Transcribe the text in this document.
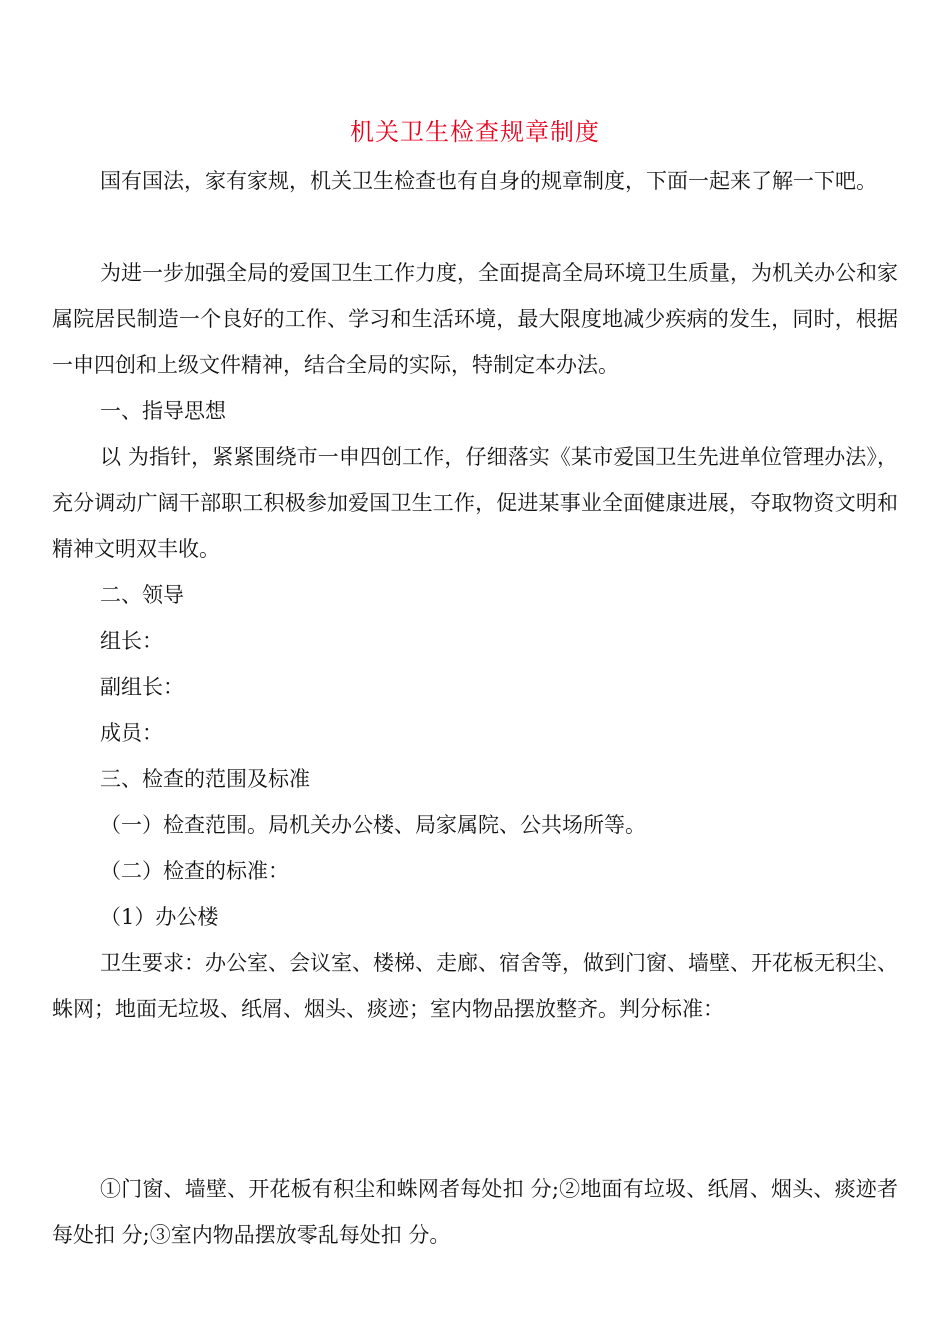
机关卫生检查规章制度

国有国法，家有家规，机关卫生检查也有自身的规章制度，下面一起来了解一下吧。

为进一步加强全局的爱国卫生工作力度，全面提高全局环境卫生质量，为机关办公和家属院居民制造一个良好的工作、学习和生活环境，最大限度地减少疾病的发生，同时，根据一申四创和上级文件精神，结合全局的实际，特制定本办法。

一、指导思想

以 为指针，紧紧围绕市一申四创工作，仔细落实《某市爱国卫生先进单位管理办法》，充分调动广阔干部职工积极参加爱国卫生工作，促进某事业全面健康进展，夺取物资文明和精神文明双丰收。

二、领导

组长：

副组长：

成员：

三、检查的范围及标准

（一）检查范围。局机关办公楼、局家属院、公共场所等。

（二）检查的标准：

（1）办公楼

卫生要求：办公室、会议室、楼梯、走廊、宿舍等，做到门窗、墙壁、开花板无积尘、蛛网；地面无垃圾、纸屑、烟头、痰迹；室内物品摆放整齐。判分标准：

①门窗、墙壁、开花板有积尘和蛛网者每处扣 分;②地面有垃圾、纸屑、烟头、痰迹者每处扣 分;③室内物品摆放零乱每处扣 分。
